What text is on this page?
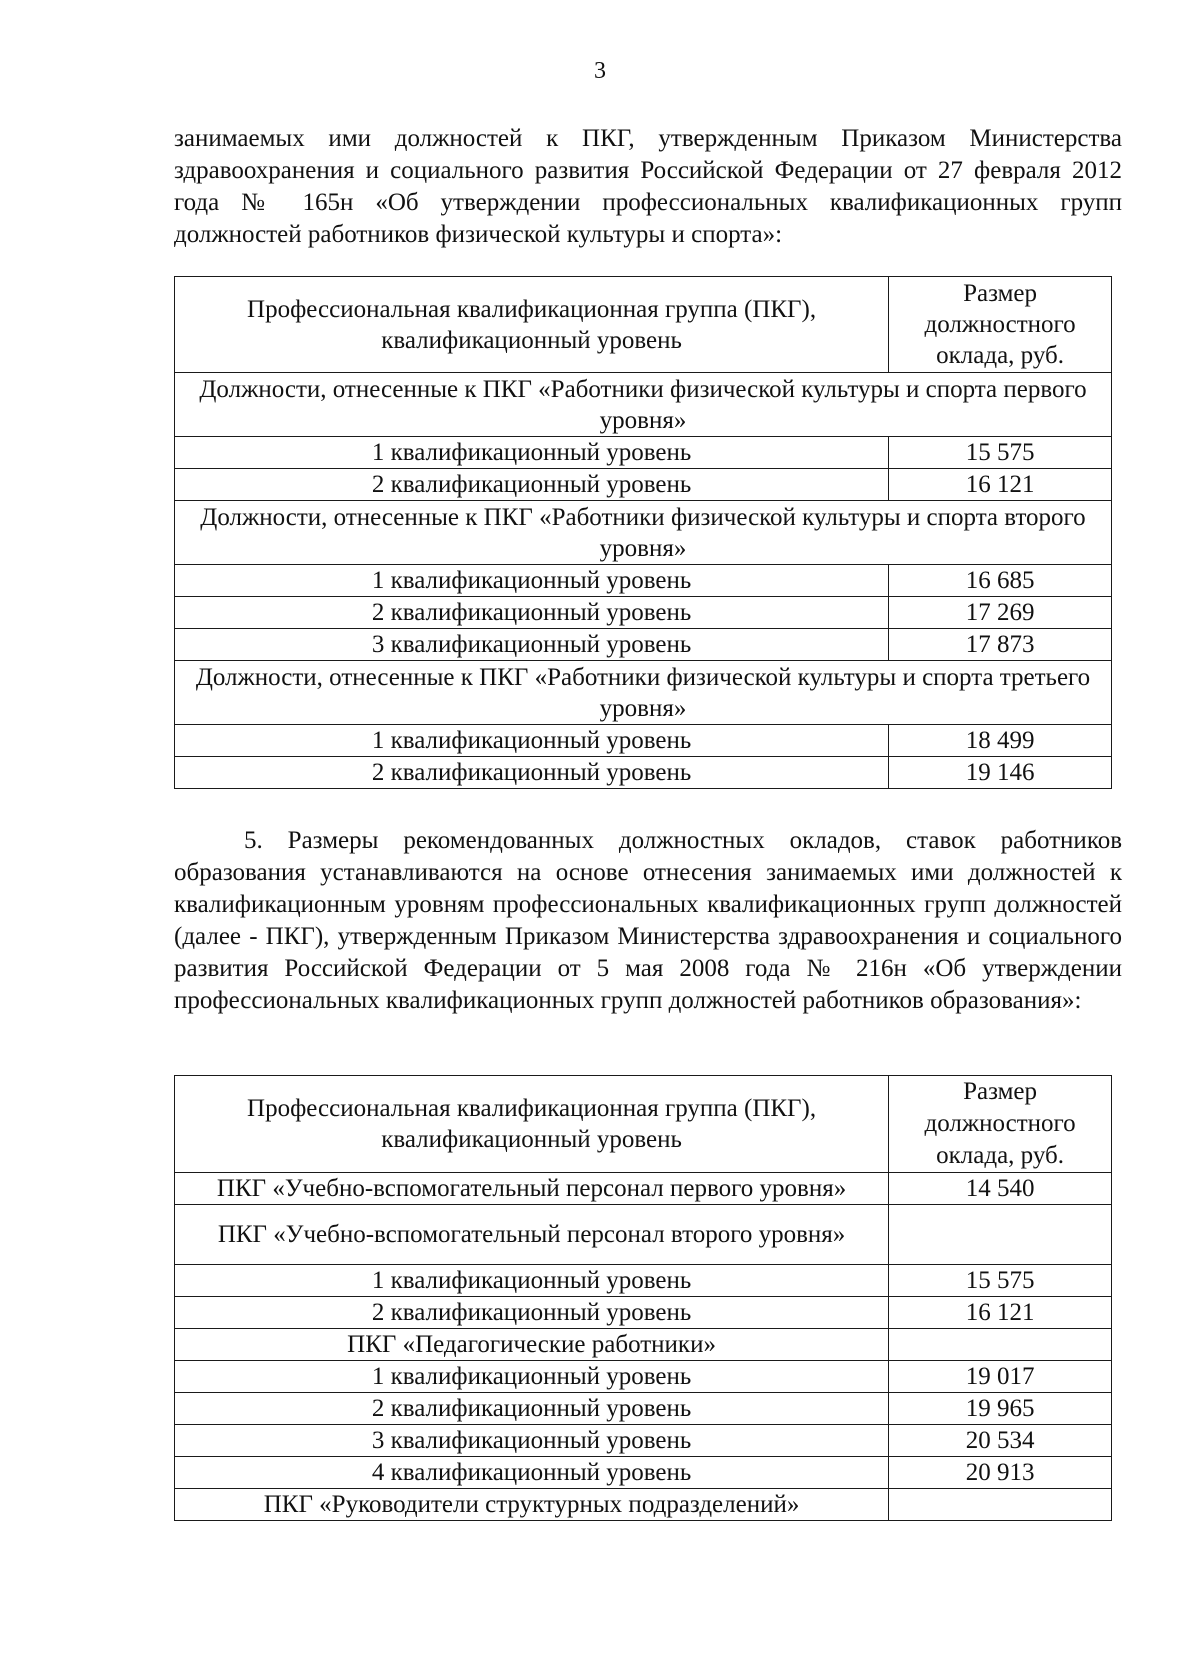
3

занимаемых ими должностей к ПКГ, утвержденным Приказом Министерства здравоохранения и социального развития Российской Федерации от 27 февраля 2012 года № 165н «Об утверждении профессиональных квалификационных групп должностей работников физической культуры и спорта»:

Профессиональная квалификационная группа (ПКГ), квалификационный уровень	Размер должностного оклада, руб.
Должности, отнесенные к ПКГ «Работники физической культуры и спорта первого уровня»	
1 квалификационный уровень	15 575
2 квалификационный уровень	16 121
Должности, отнесенные к ПКГ «Работники физической культуры и спорта второго уровня»	
1 квалификационный уровень	16 685
2 квалификационный уровень	17 269
3 квалификационный уровень	17 873
Должности, отнесенные к ПКГ «Работники физической культуры и спорта третьего уровня»	
1 квалификационный уровень	18 499
2 квалификационный уровень	19 146

5. Размеры рекомендованных должностных окладов, ставок работников образования устанавливаются на основе отнесения занимаемых ими должностей к квалификационным уровням профессиональных квалификационных групп должностей (далее - ПКГ), утвержденным Приказом Министерства здравоохранения и социального развития Российской Федерации от 5 мая 2008 года № 216н «Об утверждении профессиональных квалификационных групп должностей работников образования»:

Профессиональная квалификационная группа (ПКГ), квалификационный уровень	Размер должностного оклада, руб.
ПКГ «Учебно-вспомогательный персонал первого уровня»	14 540
ПКГ «Учебно-вспомогательный персонал второго уровня»	
1 квалификационный уровень	15 575
2 квалификационный уровень	16 121
ПКГ «Педагогические работники»	
1 квалификационный уровень	19 017
2 квалификационный уровень	19 965
3 квалификационный уровень	20 534
4 квалификационный уровень	20 913
ПКГ «Руководители структурных подразделений»	
